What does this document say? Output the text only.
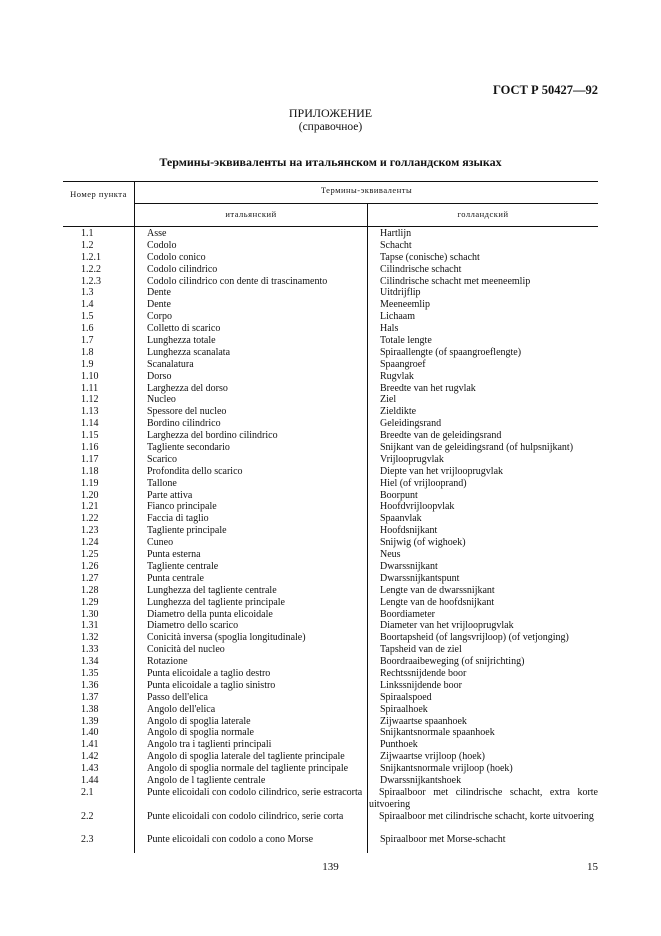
ГОСТ Р 50427—92
ПРИЛОЖЕНИЕ
(справочное)
Термины-эквиваленты на итальянском и голландском языках
Номер пункта	Термины-эквиваленты
итальянский	голландский
1.1	Asse	Hartlijn
1.2	Codolo	Schacht
1.2.1	Codolo conico	Tapse (conische) schacht
1.2.2	Codolo cilindrico	Cilindrische schacht
1.2.3	Codolo cilindrico con dente di trascinamento	Cilindrische schacht met meeneemlip
1.3	Dente	Uitdrijflip
1.4	Dente	Meeneemlip
1.5	Corpo	Lichaam
1.6	Colletto di scarico	Hals
1.7	Lunghezza totale	Totale lengte
1.8	Lunghezza scanalata	Spiraallengte (of spaangroeflengte)
1.9	Scanalatura	Spaangroef
1.10	Dorso	Rugvlak
1.11	Larghezza del dorso	Breedte van het rugvlak
1.12	Nucleo	Ziel
1.13	Spessore del nucleo	Zieldikte
1.14	Bordino cilindrico	Geleidingsrand
1.15	Larghezza del bordino cilindrico	Breedte van de geleidingsrand
1.16	Tagliente secondario	Snijkant van de geleidingsrand (of hulpsnijkant)
1.17	Scarico	Vrijlooprugvlak
1.18	Profondita dello scarico	Diepte van het vrijlooprugvlak
1.19	Tallone	Hiel (of vrijlooprand)
1.20	Parte attiva	Boorpunt
1.21	Fianco principale	Hoofdvrijloopvlak
1.22	Faccia di taglio	Spaanvlak
1.23	Tagliente principale	Hoofdsnijkant
1.24	Cuneo	Snijwig (of wighoek)
1.25	Punta esterna	Neus
1.26	Tagliente centrale	Dwarssnijkant
1.27	Punta centrale	Dwarssnijkantspunt
1.28	Lunghezza del tagliente centrale	Lengte van de dwarssnijkant
1.29	Lunghezza del tagliente principale	Lengte van de hoofdsnijkant
1.30	Diametro della punta elicoidale	Boordiameter
1.31	Diametro dello scarico	Diameter van het vrijlooprugvlak
1.32	Conicità inversa (spoglia longitudinale)	Boortapsheid (of langsvrijloop) (of vetjonging)
1.33	Conicità del nucleo	Tapsheid van de ziel
1.34	Rotazione	Boordraaibeweging (of snijrichting)
1.35	Punta elicoidale a taglio destro	Rechtssnijdende boor
1.36	Punta elicoidale a taglio sinistro	Linkssnijdende boor
1.37	Passo dell'elica	Spiraalspoed
1.38	Angolo dell'elica	Spiraalhoek
1.39	Angolo di spoglia laterale	Zijwaartse spaanhoek
1.40	Angolo di spoglia normale	Snijkantsnormale spaanhoek
1.41	Angolo tra i taglienti principali	Punthoek
1.42	Angolo di spoglia laterale del tagliente principale	Zijwaartse vrijloop (hoek)
1.43	Angolo di spoglia normale del tagliente principale	Snijkantsnormale vrijloop (hoek)
1.44	Angolo de l tagliente centrale	Dwarssnijkantshoek
2.1	Punte elicoidali con codolo cilindrico, serie estracorta	Spiraalboor met cilindrische schacht, extra korte uitvoering
2.2	Punte elicoidali con codolo cilindrico, serie corta	Spiraalboor met cilindrische schacht, korte uitvoering
2.3	Punte elicoidali con codolo a cono Morse	Spiraalboor met Morse-schacht
139	15
